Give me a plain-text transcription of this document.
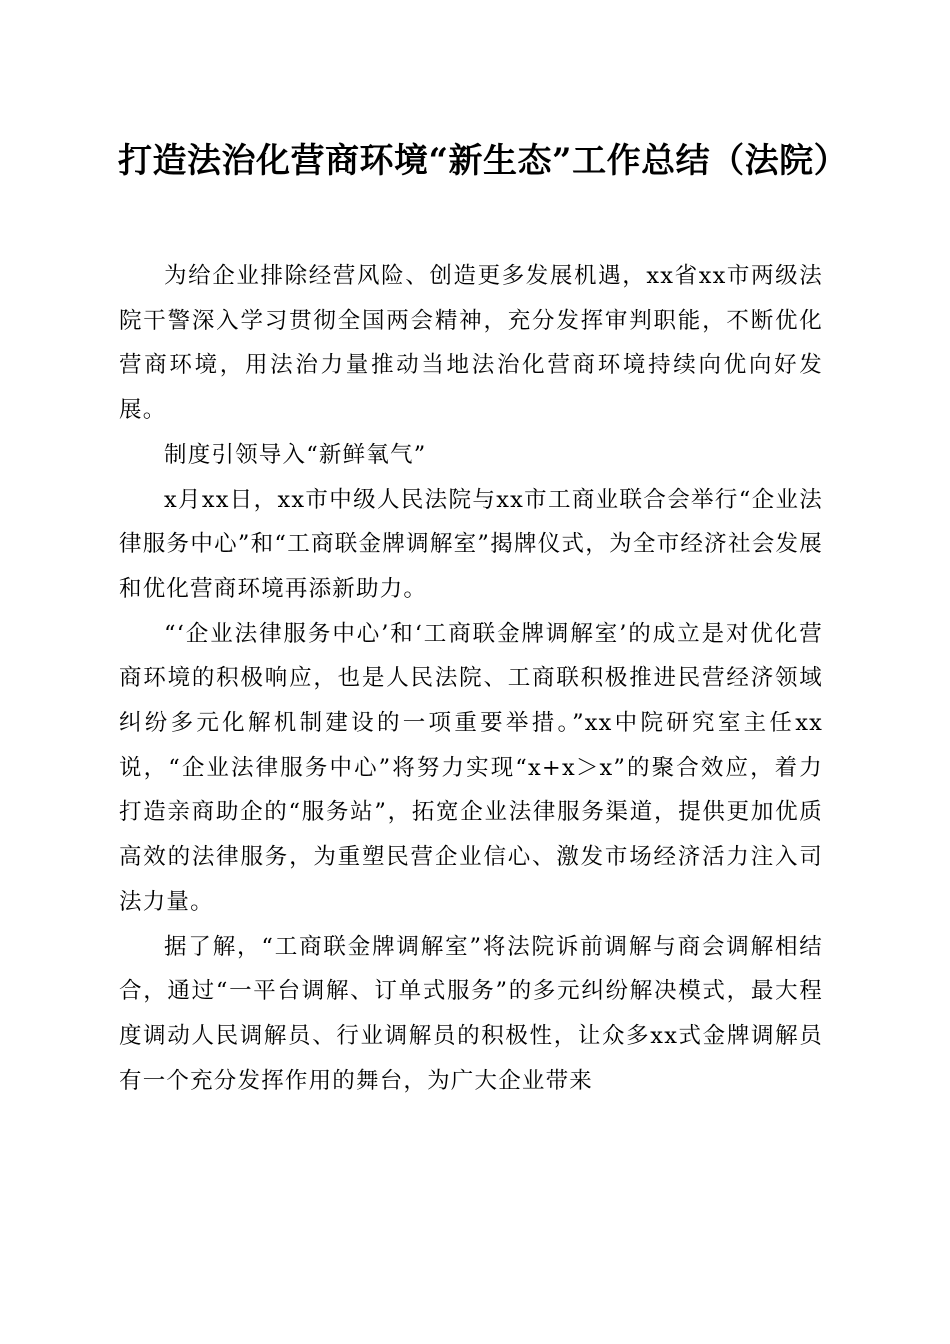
打造法治化营商环境“新生态”工作总结（法院）

为给企业排除经营风险、创造更多发展机遇，xx省xx市两级法院干警深入学习贯彻全国两会精神，充分发挥审判职能，不断优化营商环境，用法治力量推动当地法治化营商环境持续向优向好发展。

制度引领导入“新鲜氧气”

x月xx日，xx市中级人民法院与xx市工商业联合会举行“企业法律服务中心”和“工商联金牌调解室”揭牌仪式，为全市经济社会发展和优化营商环境再添新助力。

“‘企业法律服务中心’和‘工商联金牌调解室’的成立是对优化营商环境的积极响应，也是人民法院、工商联积极推进民营经济领域纠纷多元化解机制建设的一项重要举措。”xx中院研究室主任xx说，“企业法律服务中心”将努力实现“x+x＞x”的聚合效应，着力打造亲商助企的“服务站”，拓宽企业法律服务渠道，提供更加优质高效的法律服务，为重塑民营企业信心、激发市场经济活力注入司法力量。

据了解，“工商联金牌调解室”将法院诉前调解与商会调解相结合，通过“一平台调解、订单式服务”的多元纠纷解决模式，最大程度调动人民调解员、行业调解员的积极性，让众多xx式金牌调解员有一个充分发挥作用的舞台，为广大企业带来
